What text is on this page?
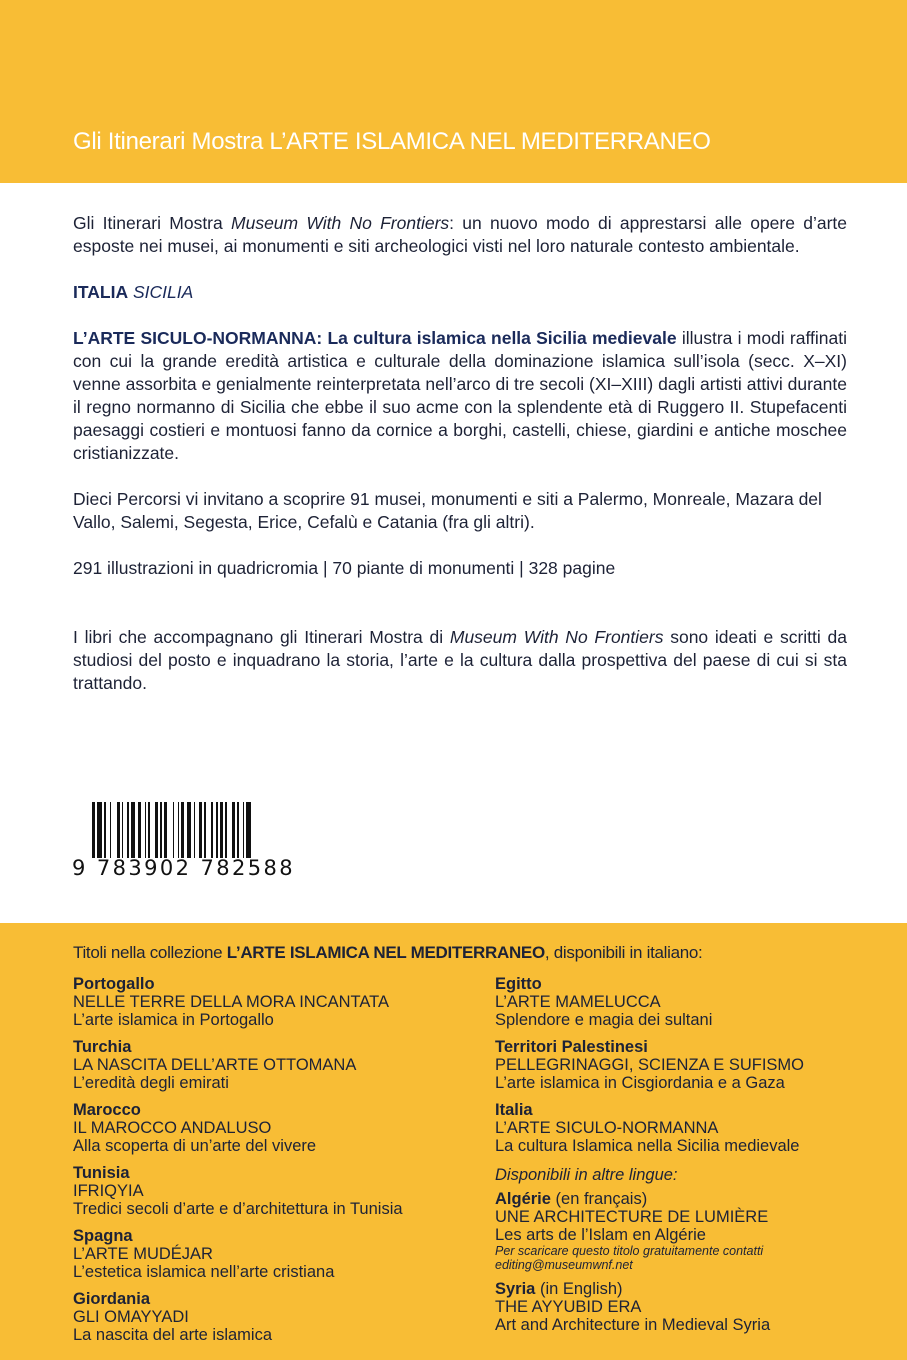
Gli Itinerari Mostra L’ARTE ISLAMICA NEL MEDITERRANEO

Gli Itinerari Mostra Museum With No Frontiers: un nuovo modo di apprestarsi alle opere d’arte esposte nei musei, ai monumenti e siti archeologici visti nel loro naturale contesto ambientale.

ITALIA SICILIA

L’ARTE SICULO-NORMANNA: La cultura islamica nella Sicilia medievale illustra i modi raffinati con cui la grande eredità artistica e culturale della dominazione islamica sull’isola (secc. X–XI) venne assorbita e genialmente reinterpretata nell’arco di tre secoli (XI–XIII) dagli artisti attivi durante il regno normanno di Sicilia che ebbe il suo acme con la splendente età di Ruggero II. Stupefacenti paesaggi costieri e montuosi fanno da cornice a borghi, castelli, chiese, giardini e antiche moschee cristianizzate.

Dieci Percorsi vi invitano a scoprire 91 musei, monumenti e siti a Palermo, Monreale, Mazara del Vallo, Salemi, Segesta, Erice, Cefalù e Catania (fra gli altri).

291 illustrazioni in quadricromia | 70 piante di monumenti | 328 pagine

I libri che accompagnano gli Itinerari Mostra di Museum With No Frontiers sono ideati e scritti da studiosi del posto e inquadrano la storia, l’arte e la cultura dalla prospettiva del paese di cui si sta trattando.

9 783902 782588
Titoli nella collezione L’ARTE ISLAMICA NEL MEDITERRANEO, disponibili in italiano:
Portogallo
NELLE TERRE DELLA MORA INCANTATA
L’arte islamica in Portogallo
Turchia
LA NASCITA DELL’ARTE OTTOMANA
L’eredità degli emirati
Marocco
IL MAROCCO ANDALUSO
Alla scoperta di un’arte del vivere
Tunisia
IFRIQYIA
Tredici secoli d’arte e d’architettura in Tunisia
Spagna
L’ARTE MUDÉJAR
L’estetica islamica nell’arte cristiana
Giordania
GLI OMAYYADI
La nascita del arte islamica
Egitto
L’ARTE MAMELUCCA
Splendore e magia dei sultani
Territori Palestinesi
PELLEGRINAGGI, SCIENZA E SUFISMO
L’arte islamica in Cisgiordania e a Gaza
Italia
L’ARTE SICULO-NORMANNA
La cultura Islamica nella Sicilia medievale
Disponibili in altre lingue:
Algérie (en français)
UNE ARCHITECTURE DE LUMIÈRE
Les arts de l’Islam en Algérie
Per scaricare questo titolo gratuitamente contatti
editing@museumwnf.net
Syria (in English)
THE AYYUBID ERA
Art and Architecture in Medieval Syria
